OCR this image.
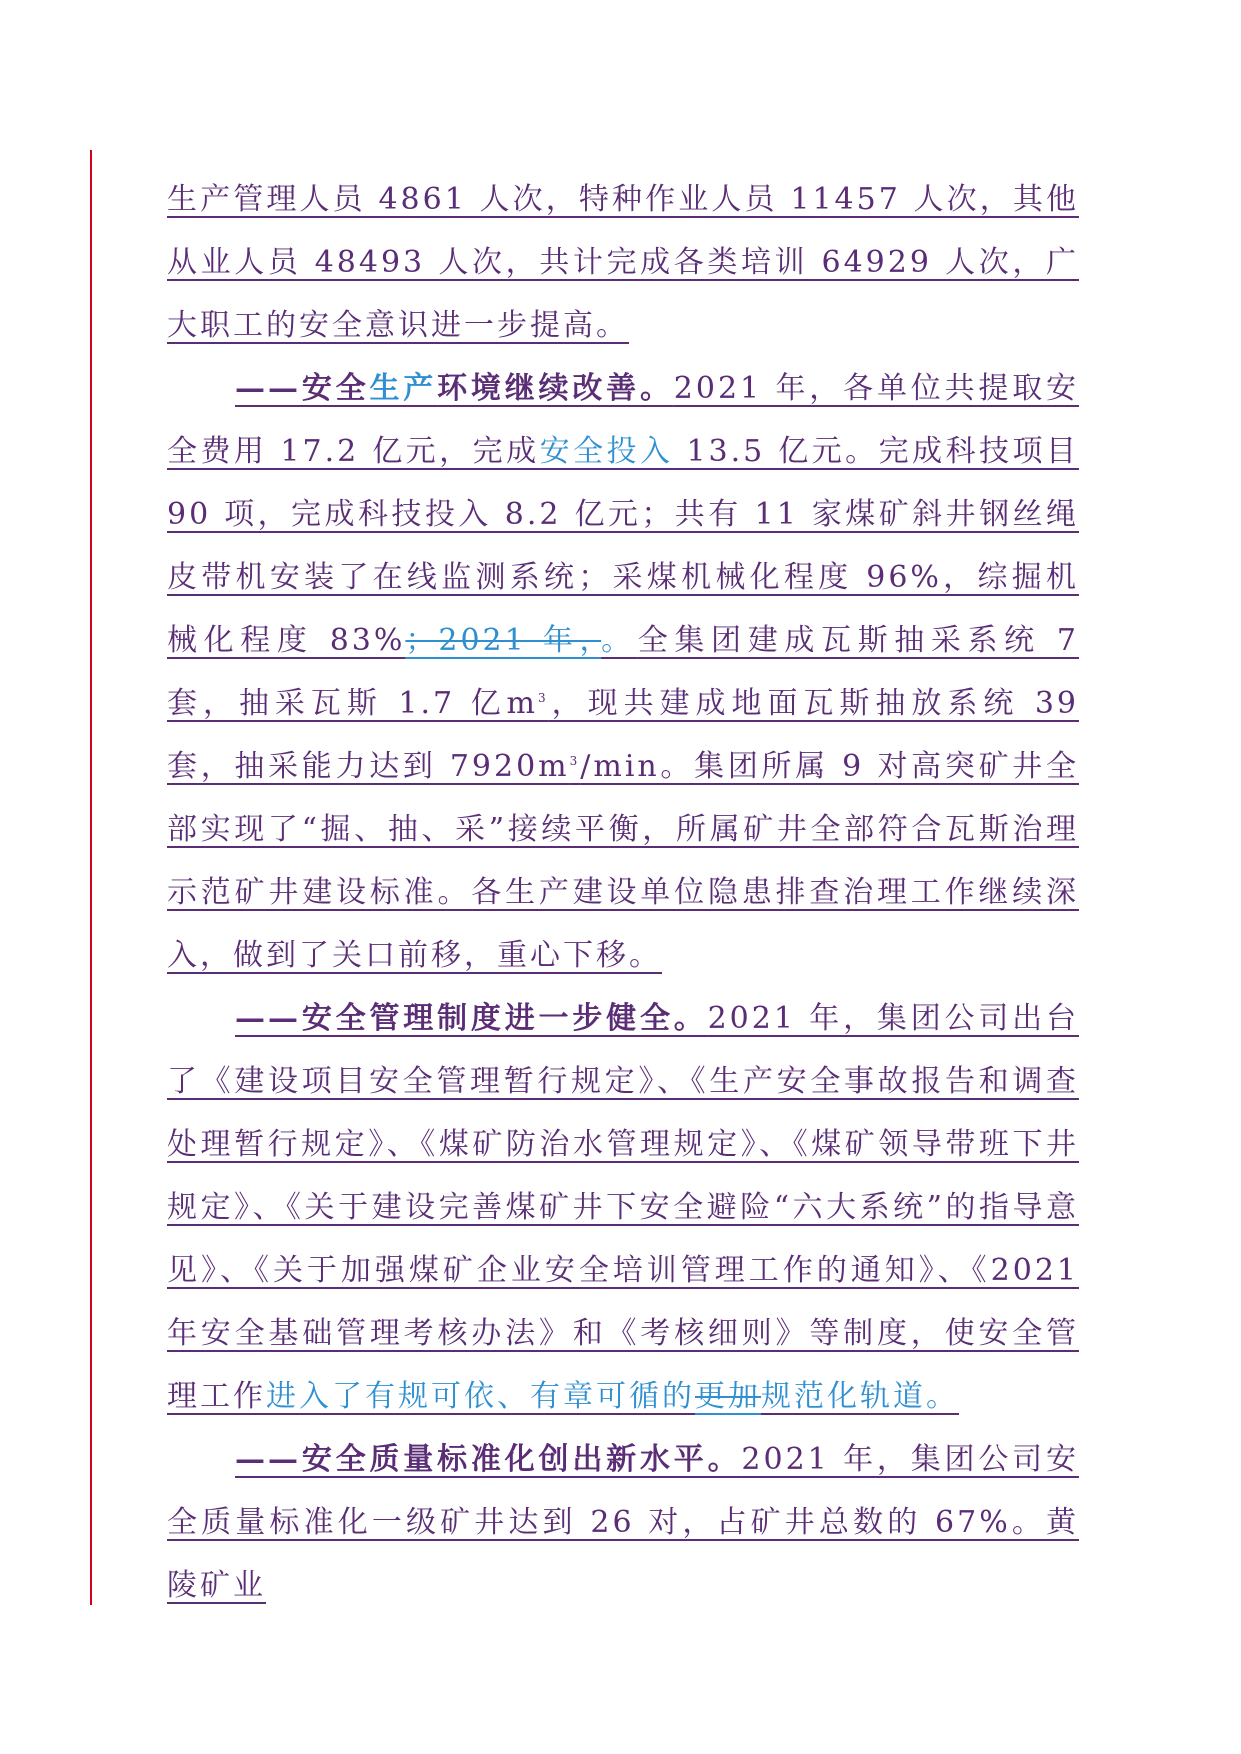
生产管理人员 4861 人次，特种作业人员 11457 人次，其他从业人员 48493 人次，共计完成各类培训 64929 人次，广大职工的安全意识进一步提高。

——安全生产环境继续改善。2021 年，各单位共提取安全费用 17.2 亿元，完成安全投入 13.5 亿元。完成科技项目 90 项，完成科技投入 8.2 亿元；共有 11 家煤矿斜井钢丝绳皮带机安装了在线监测系统；采煤机械化程度 96%，综掘机械化程度 83%；2021 年，。全集团建成瓦斯抽采系统 7 套，抽采瓦斯 1.7 亿$m^3$，现共建成地面瓦斯抽放系统 39 套，抽采能力达到 $7920m^3/\min$。集团所属 9 对高突矿井全部实现了“掘、抽、采”接续平衡，所属矿井全部符合瓦斯治理示范矿井建设标准。各生产建设单位隐患排查治理工作继续深入，做到了关口前移，重心下移。

——安全管理制度进一步健全。2021 年，集团公司出台了《建设项目安全管理暂行规定》、《生产安全事故报告和调查处理暂行规定》、《煤矿防治水管理规定》、《煤矿领导带班下井规定》、《关于建设完善煤矿井下安全避险“六大系统”的指导意见》、《关于加强煤矿企业安全培训管理工作的通知》、《2021 年安全基础管理考核办法》和《考核细则》等制度，使安全管理工作进入了有规可依、有章可循的更加规范化轨道。

——安全质量标准化创出新水平。2021 年，集团公司安全质量标准化一级矿井达到 26 对，占矿井总数的 67%。黄陵矿业
